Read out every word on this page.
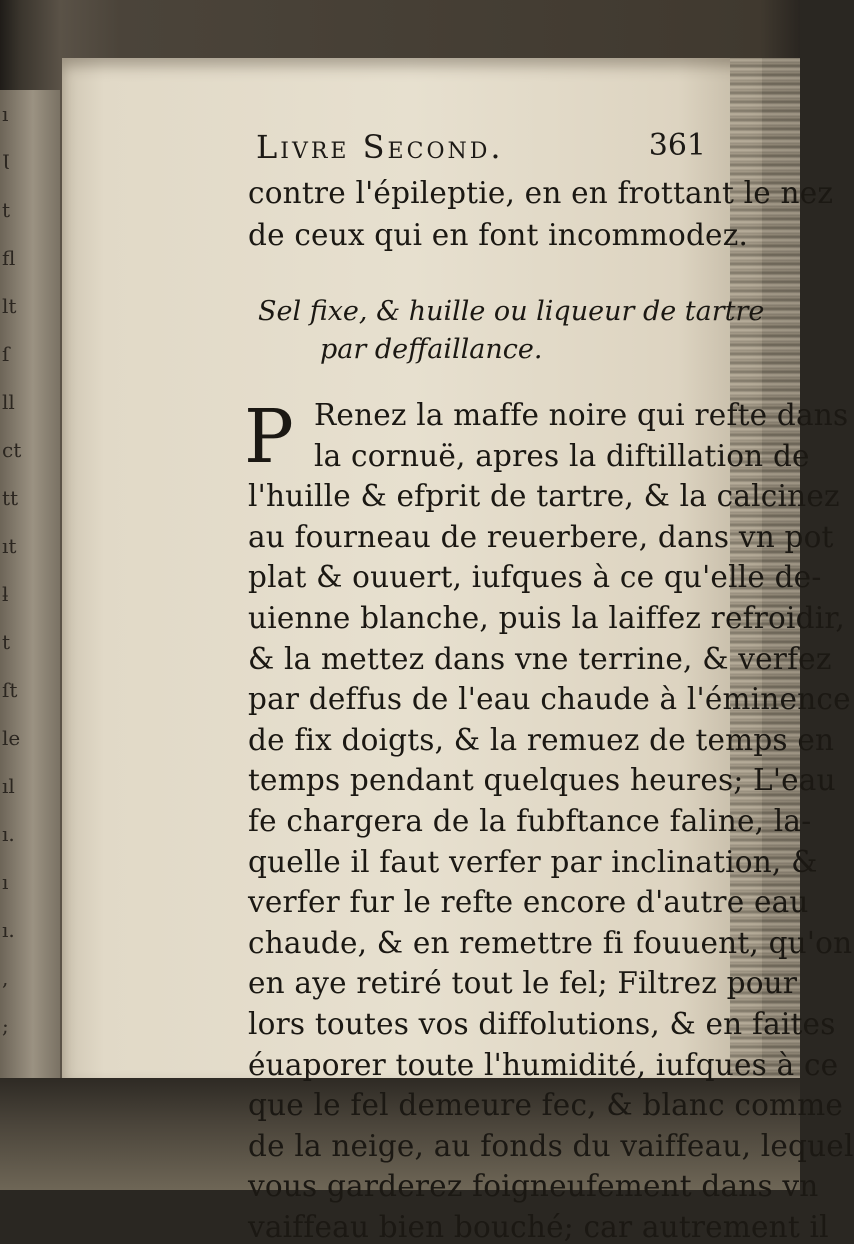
ı
Ɩ
t
ﬂ
lt
ſ
ll
ct
tt
ıt
ƚ
t
ſt
le
ıl
ı.
ı
ı.
,
;
Livre Second.	361
contre l'épileptie, en en frottant le nez
de ceux qui en font incommodez.
Sel fixe, & huille ou liqueur de tartre
par deffaillance.
P Renez la maffe noire qui refte dans
la cornuë, apres la diftillation de
l'huille & efprit de tartre, & la calcinez
au fourneau de reuerbere, dans vn pot
plat & ouuert, iufques à ce qu'elle de-
uienne blanche, puis la laiffez refroidir,
& la mettez dans vne terrine, & verfez
par deffus de l'eau chaude à l'éminence
de fix doigts, & la remuez de temps en
temps pendant quelques heures; L'eau
fe chargera de la fubftance faline, la-
quelle il faut verfer par inclination, &
verfer fur le refte encore d'autre eau
chaude, & en remettre fi fouuent, qu'on
en aye retiré tout le fel; Filtrez pour
lors toutes vos diffolutions, & en faites
éuaporer toute l'humidité, iufques à ce
que le fel demeure fec, & blanc comme
de la neige, au fonds du vaiffeau, lequel
vous garderez foigneufement dans vn
vaiffeau bien bouché; car autrement il
